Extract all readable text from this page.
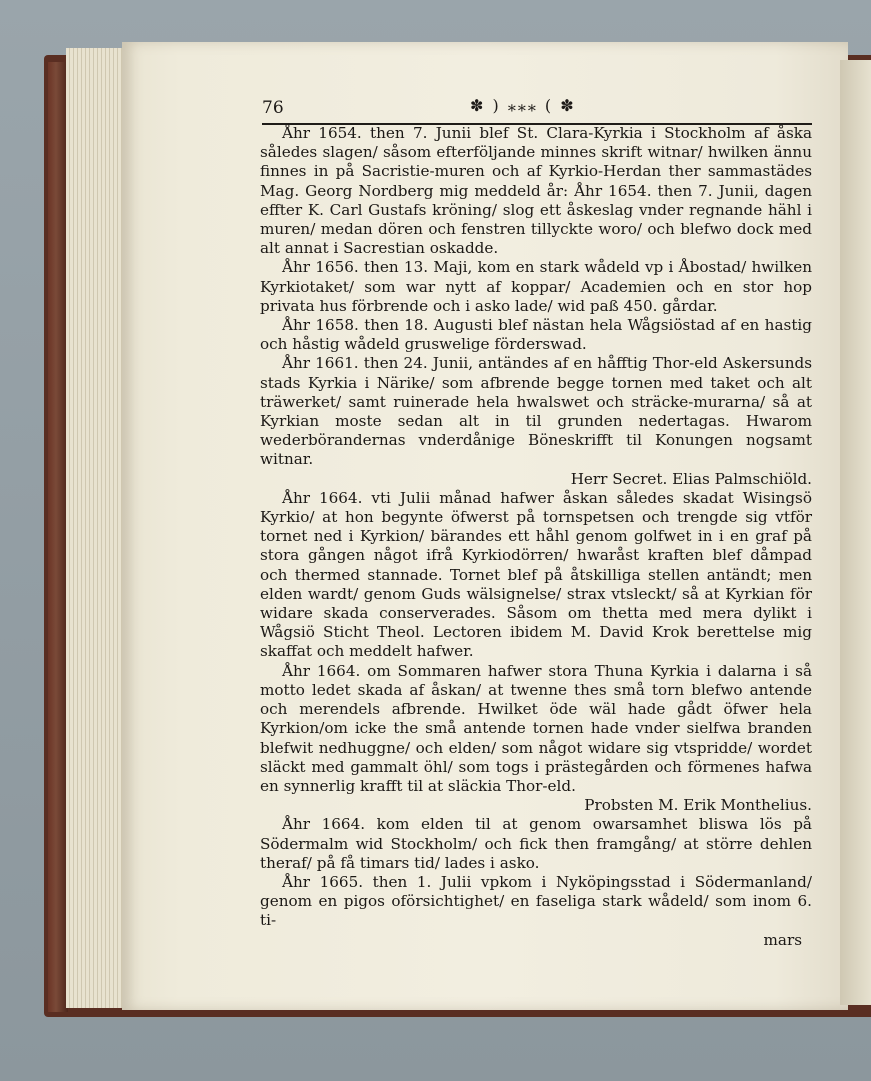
76	✽ ) ⁎⁎⁎ ( ✽

Åhr 1654. then 7. Junii blef St. Clara-Kyrkia i Stockholm af åska således slagen/ såsom efterföljande minnes skrift witnar/ hwilken ännu finnes in på Sacristie-muren och af Kyrkio-Herdan ther sammastädes Mag. Georg Nordberg mig meddeld år: Åhr 1654. then 7. Junii, dagen effter K. Carl Gustafs kröning/ slog ett åskeslag vnder regnande hähl i muren/ medan dören och fenstren tillyckte woro/ och blefwo dock med alt annat i Sacrestian oskadde.

Åhr 1656. then 13. Maji, kom en stark wådeld vp i Åbostad/ hwilken Kyrkiotaket/ som war nytt af koppar/ Academien och en stor hop privata hus förbrende och i asko lade/ wid paß 450. gårdar.

Åhr 1658. then 18. Augusti blef nästan hela Wågsiöstad af en hastig och håstig wådeld gruswelige förderswad.

Åhr 1661. then 24. Junii, antändes af en håfftig Thor-eld Askersunds stads Kyrkia i Närike/ som afbrende begge tornen med taket och alt träwerket/ samt ruinerade hela hwalswet och sträcke-murarna/ så at Kyrkian moste sedan alt in til grunden nedertagas. Hwarom wederbörandernas vnderdånige Böneskrifft til Konungen nogsamt witnar.

Herr Secret. Elias Palmschiöld.

Åhr 1664. vti Julii månad hafwer åskan således skadat Wisingsö Kyrkio/ at hon begynte öfwerst på tornspetsen och trengde sig vtför tornet ned i Kyrkion/ bärandes ett håhl genom golfwet in i en graf på stora gången något ifrå Kyrkiodörren/ hwaråst kraften blef dåmpad och thermed stannade. Tornet blef på åtskilliga stellen antändt; men elden wardt/ genom Guds wälsignelse/ strax vtsleckt/ så at Kyrkian för widare skada conserverades. Såsom om thetta med mera dylikt i Wågsiö Sticht Theol. Lectoren ibidem M. David Krok berettelse mig skaffat och meddelt hafwer.

Åhr 1664. om Sommaren hafwer stora Thuna Kyrkia i dalarna i så motto ledet skada af åskan/ at twenne thes små torn blefwo antende och merendels afbrende. Hwilket öde wäl hade gådt öfwer hela Kyrkion/om icke the små antende tornen hade vnder sielfwa branden blefwit nedhuggne/ och elden/ som något widare sig vtspridde/ wordet släckt med gammalt öhl/ som togs i prästegården och förmenes hafwa en synnerlig krafft til at släckia Thor-eld.

Probsten M. Erik Monthelius.

Åhr 1664. kom elden til at genom owarsamhet bliswa lös på Södermalm wid Stockholm/ och fick then framgång/ at större dehlen theraf/ på få timars tid/ lades i asko.

Åhr 1665. then 1. Julii vpkom i Nyköpingsstad i Södermanland/ genom en pigos oförsichtighet/ en faseliga stark wådeld/ som inom 6. ti-

mars
